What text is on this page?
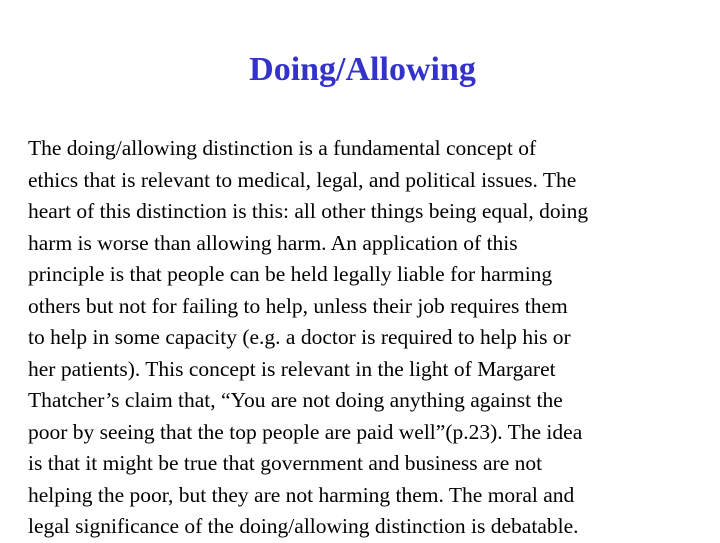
Doing/Allowing

The doing/allowing distinction is a fundamental concept of
ethics that is relevant to medical, legal, and political issues. The
heart of this distinction is this: all other things being equal, doing
harm is worse than allowing harm. An application of this
principle is that people can be held legally liable for harming
others but not for failing to help, unless their job requires them
to help in some capacity (e.g. a doctor is required to help his or
her patients). This concept is relevant in the light of Margaret
Thatcher’s claim that, “You are not doing anything against the
poor by seeing that the top people are paid well”(p.23). The idea
is that it might be true that government and business are not
helping the poor, but they are not harming them. The moral and
legal significance of the doing/allowing distinction is debatable.
